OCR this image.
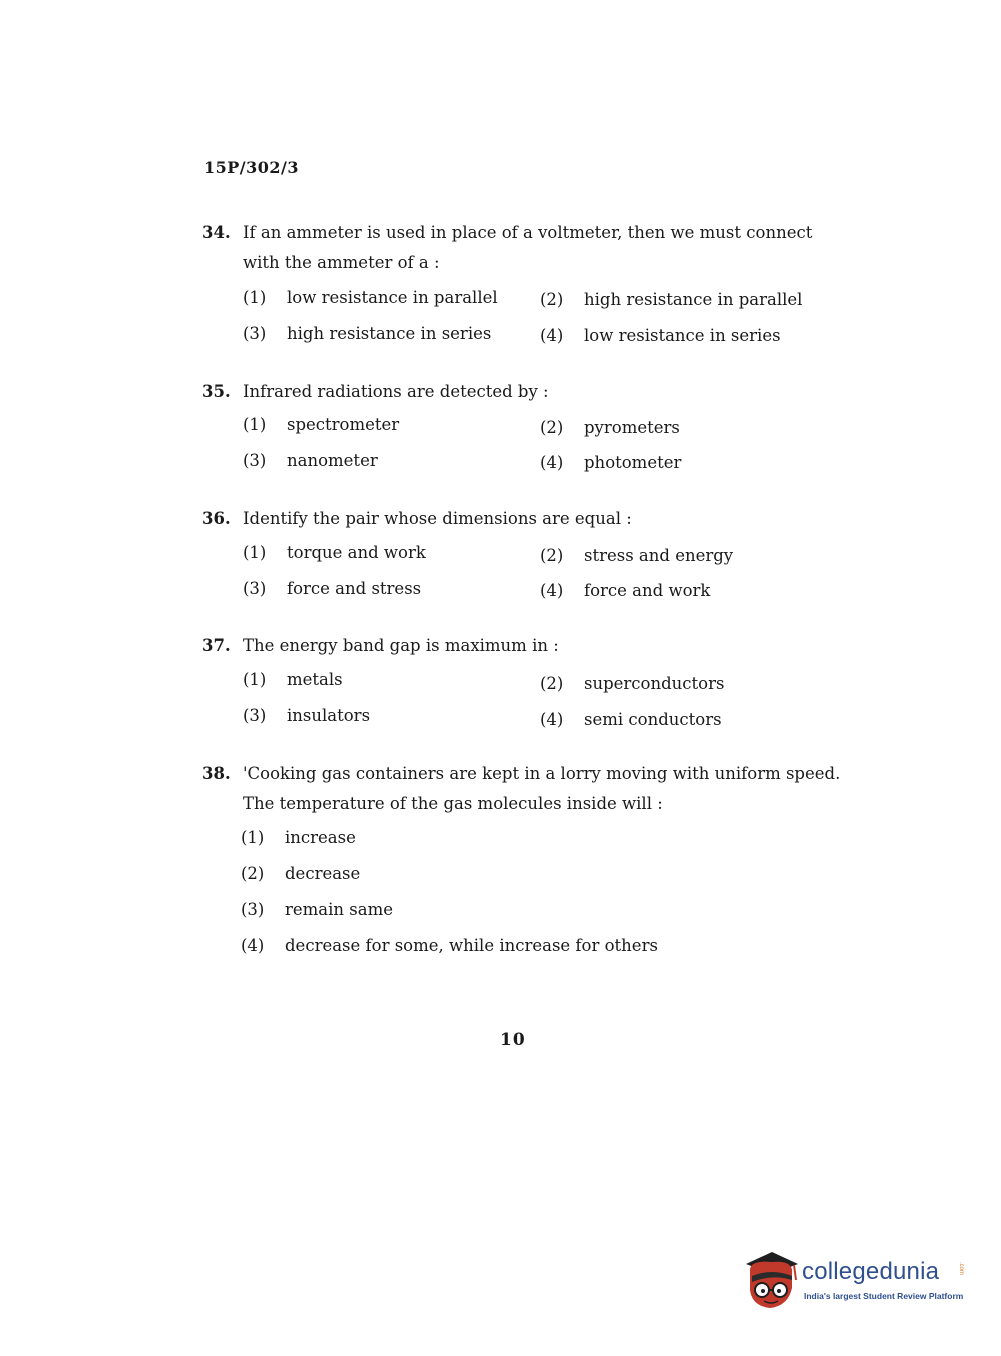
15P/302/3
34. If an ammeter is used in place of a voltmeter, then we must connect with the ammeter of a :
(1) low resistance in parallel	(2) high resistance in parallel
(3) high resistance in series	(4) low resistance in series
35. Infrared radiations are detected by :
(1) spectrometer	(2) pyrometers
(3) nanometer	(4) photometer
36. Identify the pair whose dimensions are equal :
(1) torque and work	(2) stress and energy
(3) force and stress	(4) force and work
37. The energy band gap is maximum in :
(1) metals	(2) superconductors
(3) insulators	(4) semi conductors
38. 'Cooking gas containers are kept in a lorry moving with uniform speed. The temperature of the gas molecules inside will :
(1) increase
(2) decrease
(3) remain same
(4) decrease for some, while increase for others
10
collegedunia	.com
India's largest Student Review Platform
